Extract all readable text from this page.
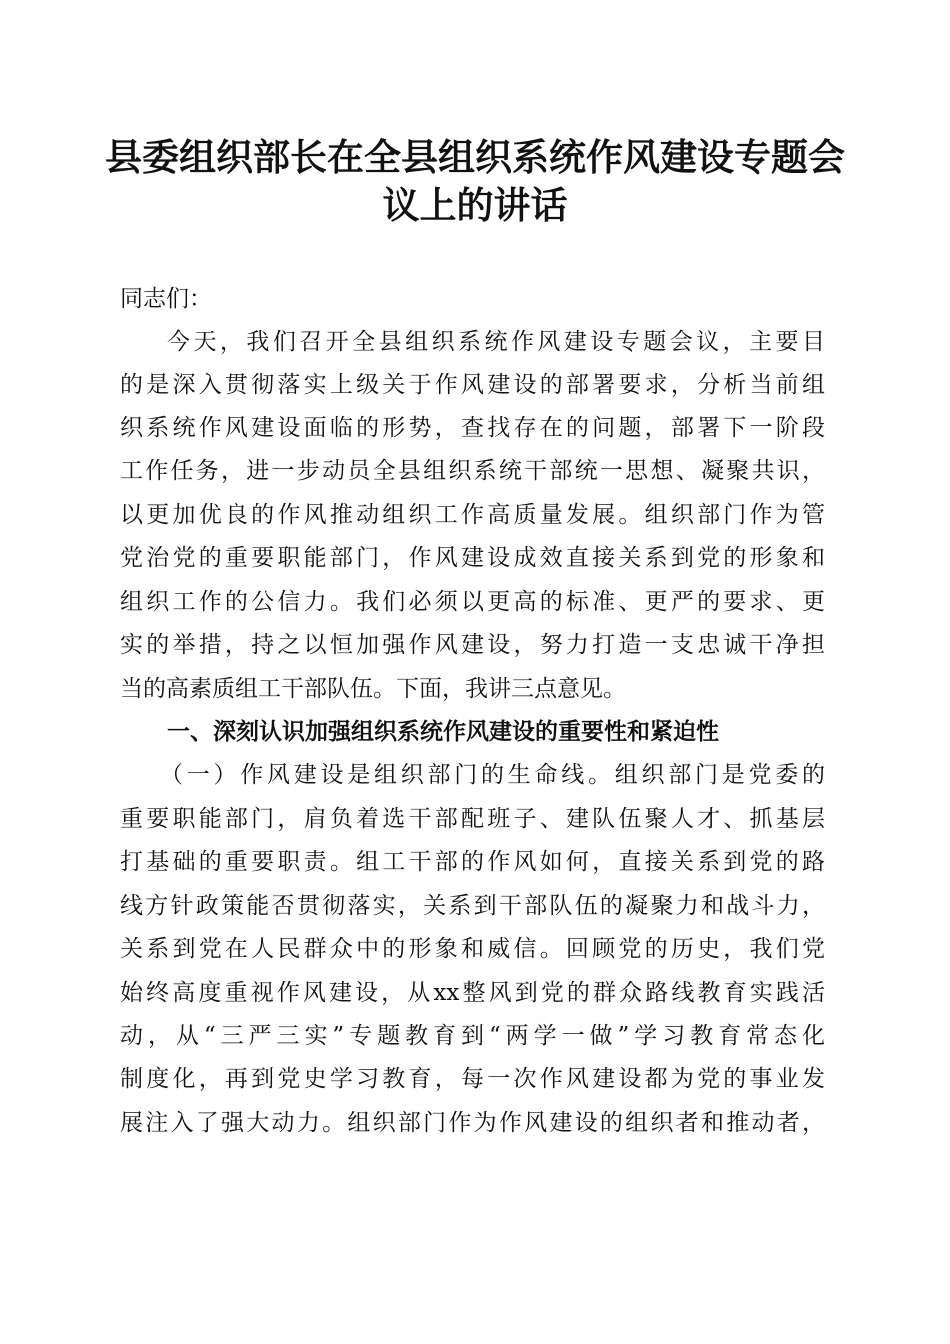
县委组织部长在全县组织系统作风建设专题会
议上的讲话

同志们：

今天，我们召开全县组织系统作风建设专题会议，主要目

的是深入贯彻落实上级关于作风建设的部署要求，分析当前组

织系统作风建设面临的形势，查找存在的问题，部署下一阶段

工作任务，进一步动员全县组织系统干部统一思想、凝聚共识，

以更加优良的作风推动组织工作高质量发展。组织部门作为管

党治党的重要职能部门，作风建设成效直接关系到党的形象和

组织工作的公信力。我们必须以更高的标准、更严的要求、更

实的举措，持之以恒加强作风建设，努力打造一支忠诚干净担

当的高素质组工干部队伍。下面，我讲三点意见。

一、深刻认识加强组织系统作风建设的重要性和紧迫性

（一）作风建设是组织部门的生命线。组织部门是党委的

重要职能部门，肩负着选干部配班子、建队伍聚人才、抓基层

打基础的重要职责。组工干部的作风如何，直接关系到党的路

线方针政策能否贯彻落实，关系到干部队伍的凝聚力和战斗力，

关系到党在人民群众中的形象和威信。回顾党的历史，我们党

始终高度重视作风建设，从xx整风到党的群众路线教育实践活

动，从“三严三实”专题教育到“两学一做”学习教育常态化

制度化，再到党史学习教育，每一次作风建设都为党的事业发

展注入了强大动力。组织部门作为作风建设的组织者和推动者，
